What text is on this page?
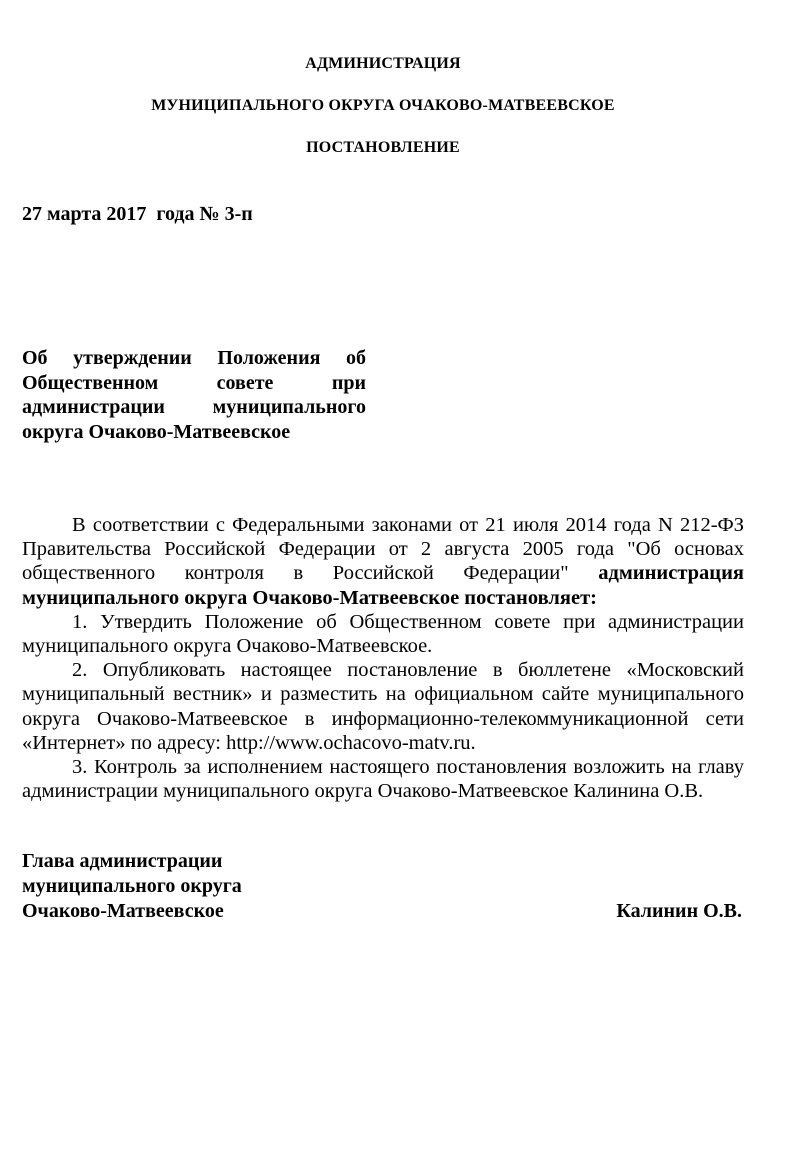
АДМИНИСТРАЦИЯ
МУНИЦИПАЛЬНОГО ОКРУГА ОЧАКОВО-МАТВЕЕВСКОЕ
ПОСТАНОВЛЕНИЕ
27 марта 2017  года № 3-п
Об утверждении Положения об
Общественном совете при
администрации муниципального
округа Очаково-Матвеевское
В соответствии с Федеральными законами от 21 июля 2014 года N 212-ФЗ
Правительства Российской Федерации от 2 августа 2005 года "Об основах
общественного контроля в Российской Федерации" администрация
муниципального округа Очаково-Матвеевское постановляет:
1. Утвердить Положение об Общественном совете при администрации
муниципального округа Очаково-Матвеевское.
2. Опубликовать настоящее постановление в бюллетене «Московский
муниципальный вестник» и разместить на официальном сайте муниципального
округа Очаково-Матвеевское в информационно-телекоммуникационной сети
«Интернет» по адресу: http://www.ochacovo-matv.ru.
3. Контроль за исполнением настоящего постановления возложить на главу
администрации муниципального округа Очаково-Матвеевское Калинина О.В.
Глава администрации
муниципального округа
Очаково-Матвеевское	Калинин О.В.
